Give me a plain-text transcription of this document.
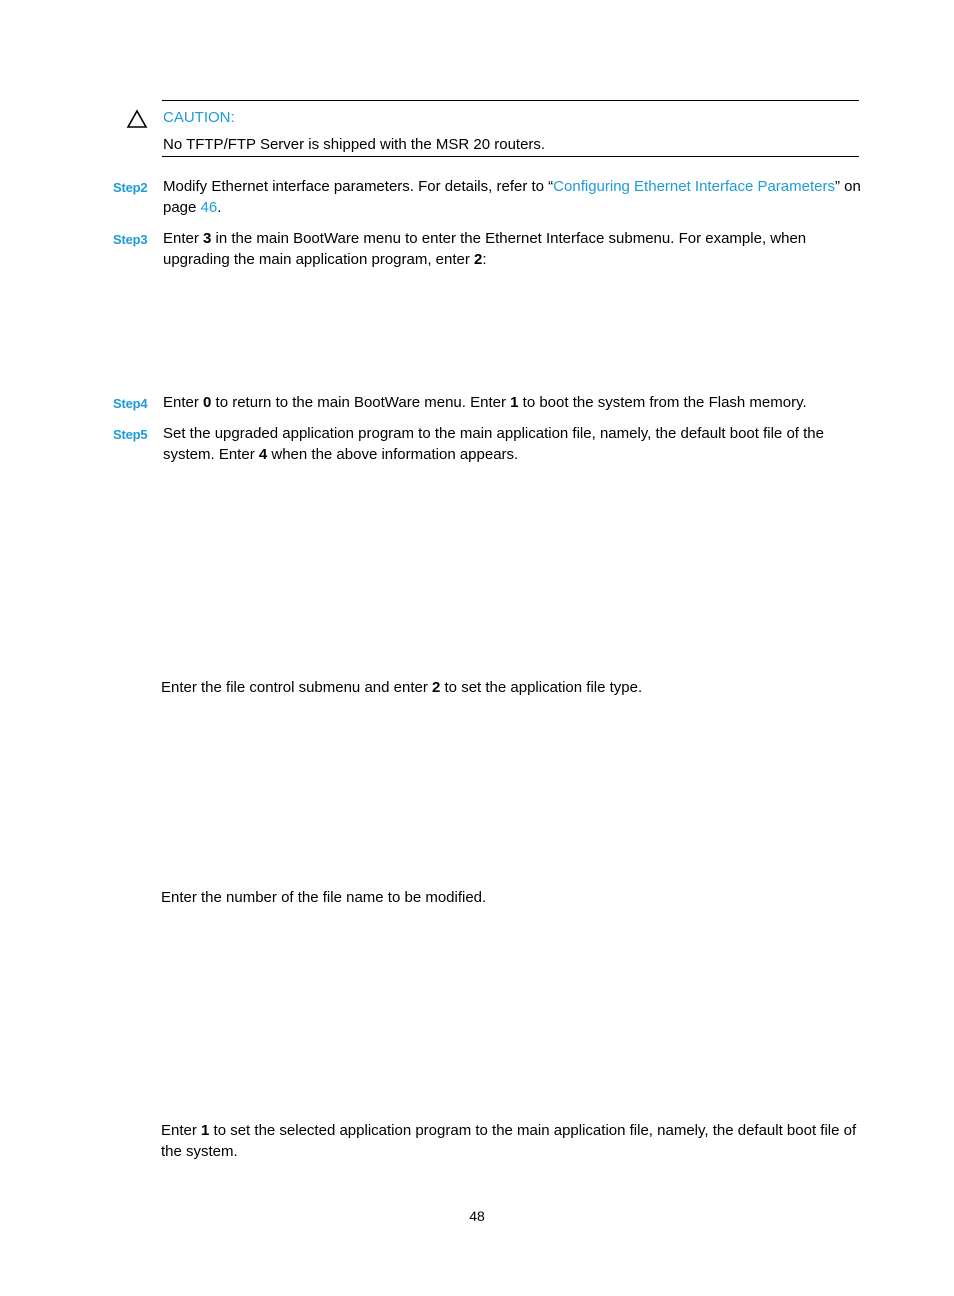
CAUTION:
No TFTP/FTP Server is shipped with the MSR 20 routers.
Step2 Modify Ethernet interface parameters. For details, refer to “Configuring Ethernet Interface Parameters” on page 46.
Step3 Enter 3 in the main BootWare menu to enter the Ethernet Interface submenu. For example, when upgrading the main application program, enter 2:
Step4 Enter 0 to return to the main BootWare menu. Enter 1 to boot the system from the Flash memory.
Step5 Set the upgraded application program to the main application file, namely, the default boot file of the system. Enter 4 when the above information appears.
Enter the file control submenu and enter 2 to set the application file type.
Enter the number of the file name to be modified.
Enter 1 to set the selected application program to the main application file, namely, the default boot file of the system.
48
